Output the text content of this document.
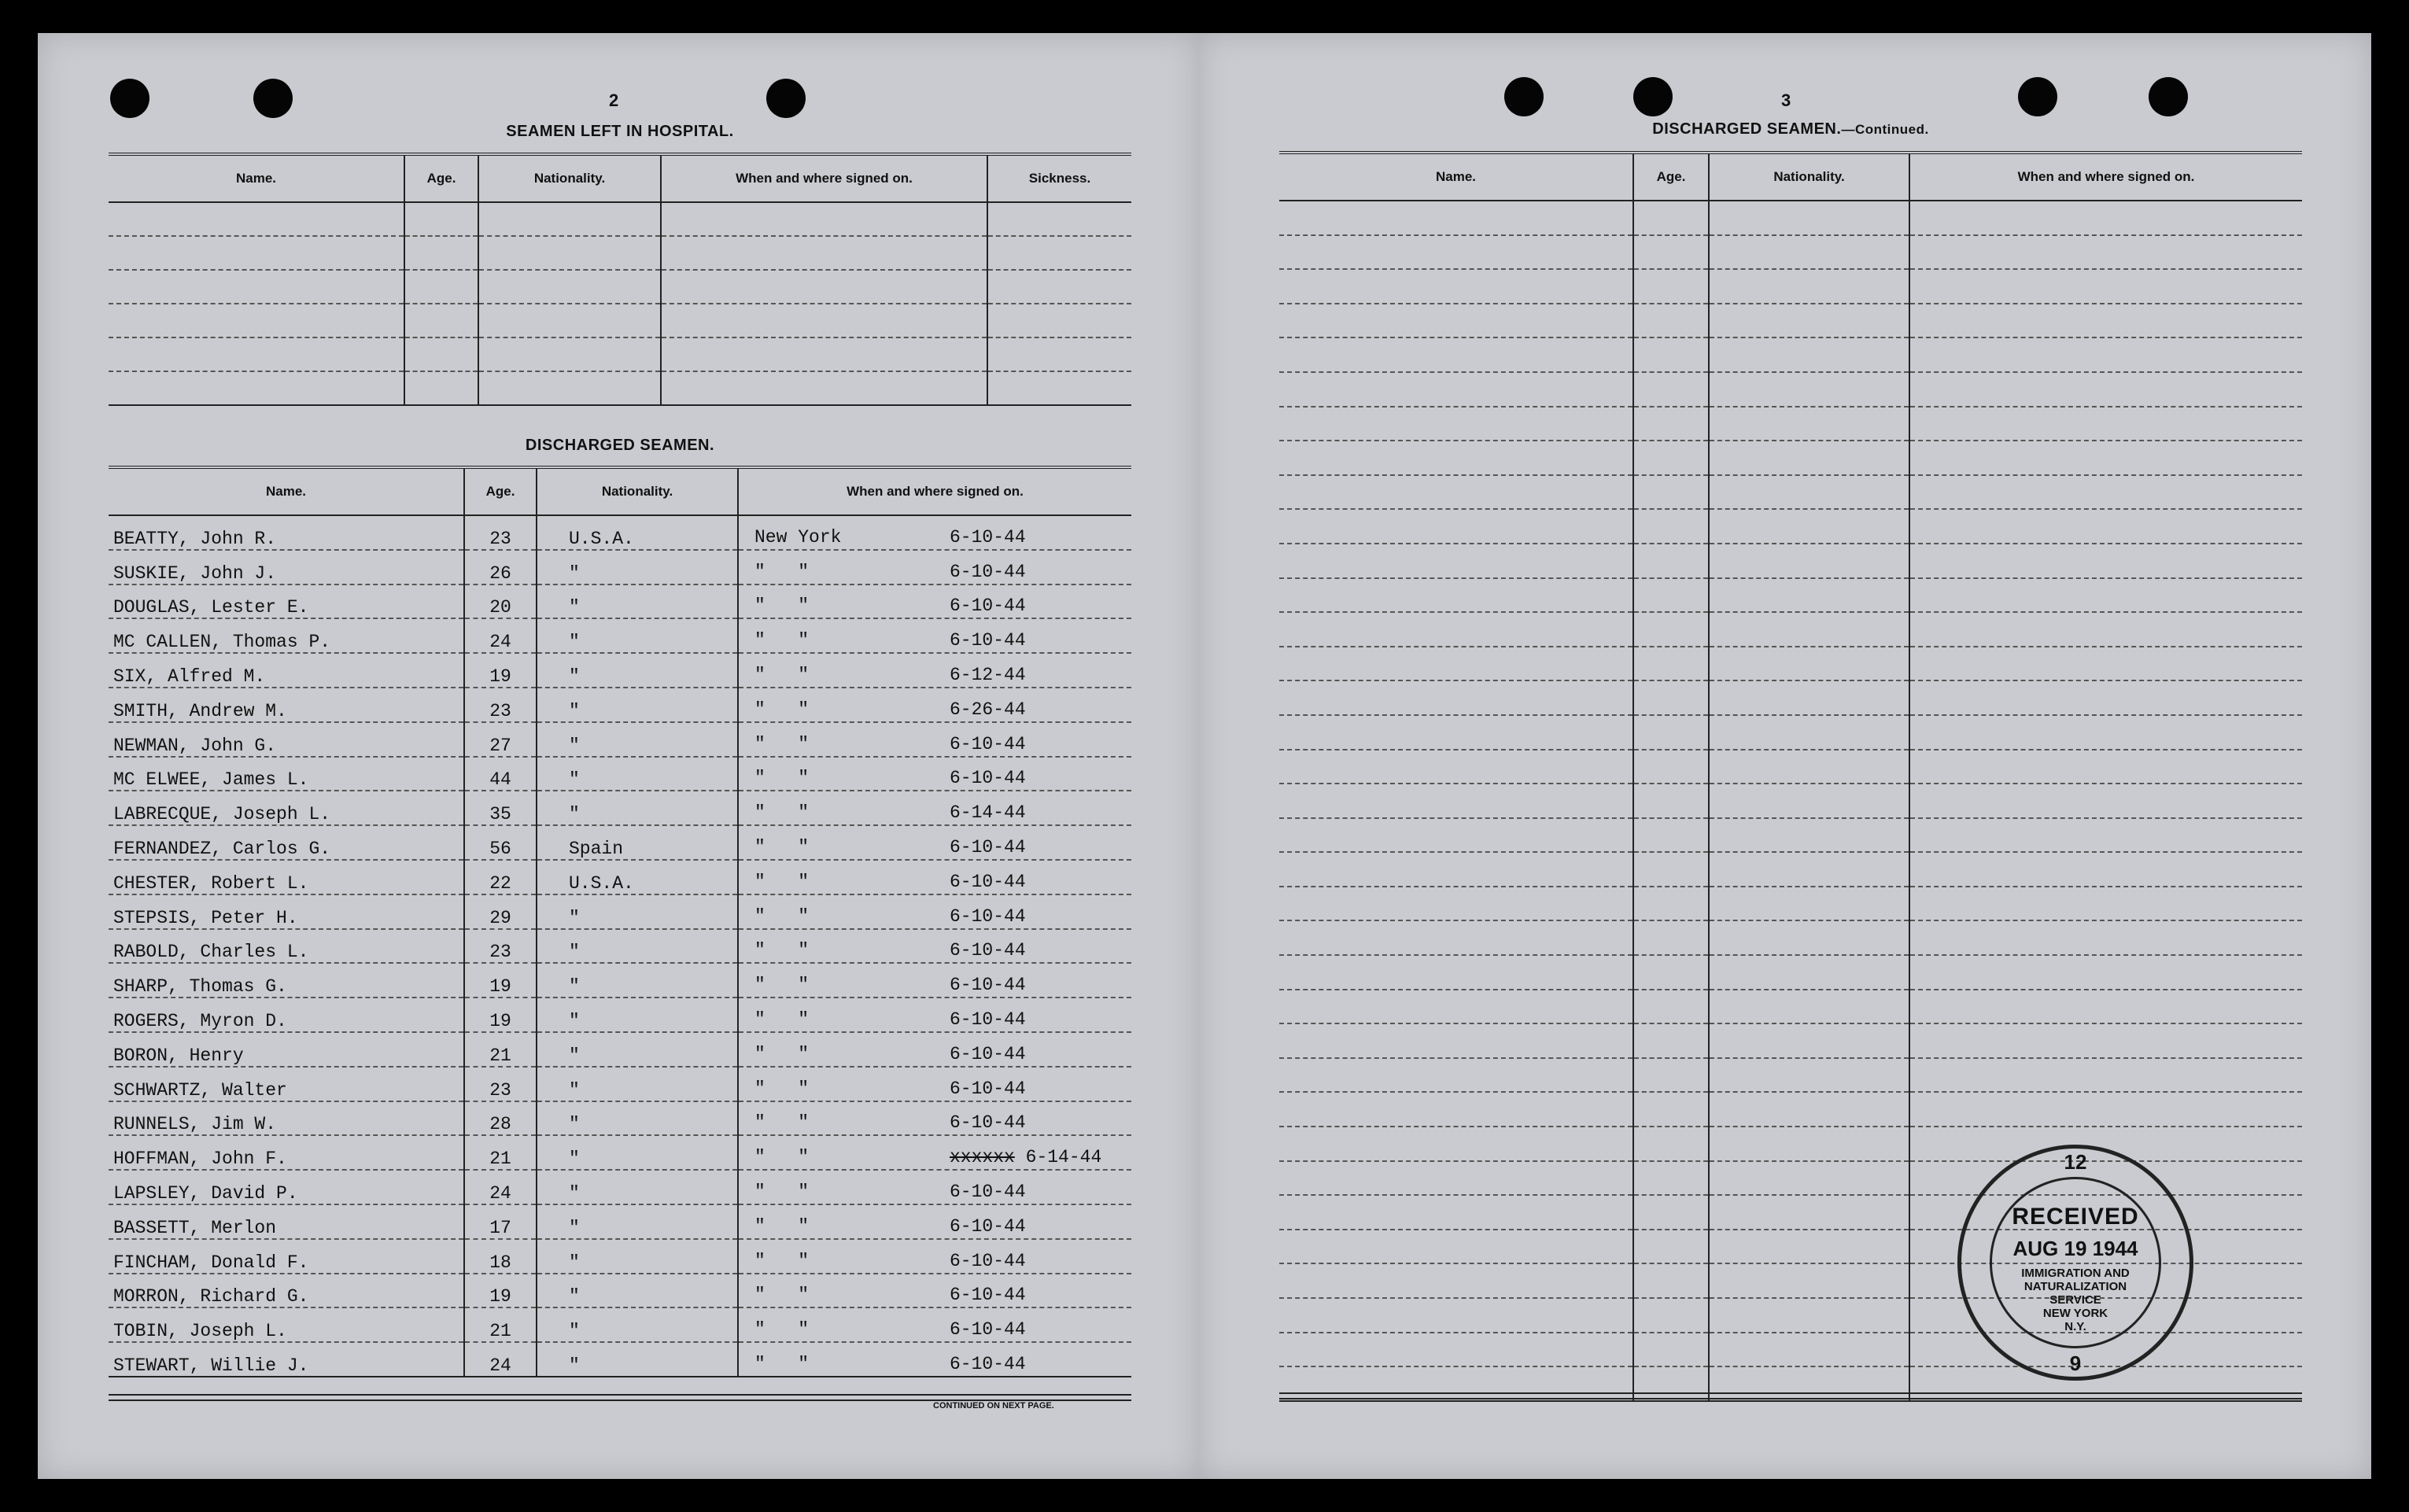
2
SEAMEN LEFT IN HOSPITAL.
Name.	Age.	Nationality.	When and where signed on.	Sickness.

DISCHARGED SEAMEN.
Name.	Age.	Nationality.	When and where signed on.
BEATTY, John R.	23	U.S.A.	New York 6-10-44

SUSKIE, John J.	26	"	"   " 6-10-44

DOUGLAS, Lester E.	20	"	"   " 6-10-44

MC CALLEN, Thomas P.	24	"	"   " 6-10-44

SIX, Alfred M.	19	"	"   " 6-12-44

SMITH, Andrew M.	23	"	"   " 6-26-44

NEWMAN, John G.	27	"	"   " 6-10-44

MC ELWEE, James L.	44	"	"   " 6-10-44

LABRECQUE, Joseph L.	35	"	"   " 6-14-44

FERNANDEZ, Carlos G.	56	Spain	"   " 6-10-44

CHESTER, Robert L.	22	U.S.A.	"   " 6-10-44

STEPSIS, Peter H.	29	"	"   " 6-10-44

RABOLD, Charles L.	23	"	"   " 6-10-44

SHARP, Thomas G.	19	"	"   " 6-10-44

ROGERS, Myron D.	19	"	"   " 6-10-44

BORON, Henry	21	"	"   " 6-10-44

SCHWARTZ, Walter	23	"	"   " 6-10-44

RUNNELS, Jim W.	28	"	"   " 6-10-44

HOFFMAN, John F.	21	"	"   " xxxxxx 6-14-44

LAPSLEY, David P.	24	"	"   " 6-10-44

BASSETT, Merlon	17	"	"   " 6-10-44

FINCHAM, Donald F.	18	"	"   " 6-10-44

MORRON, Richard G.	19	"	"   " 6-10-44

TOBIN, Joseph L.	21	"	"   " 6-10-44

STEWART, Willie J.	24	"	"   " 6-10-44
CONTINUED ON NEXT PAGE.
3
DISCHARGED SEAMEN.—Continued.
Name.	Age.	Nationality.	When and where signed on.

12
RECEIVED
AUG 19 1944
IMMIGRATION AND
NATURALIZATION
SERVICE
NEW YORK
N.Y.
9
